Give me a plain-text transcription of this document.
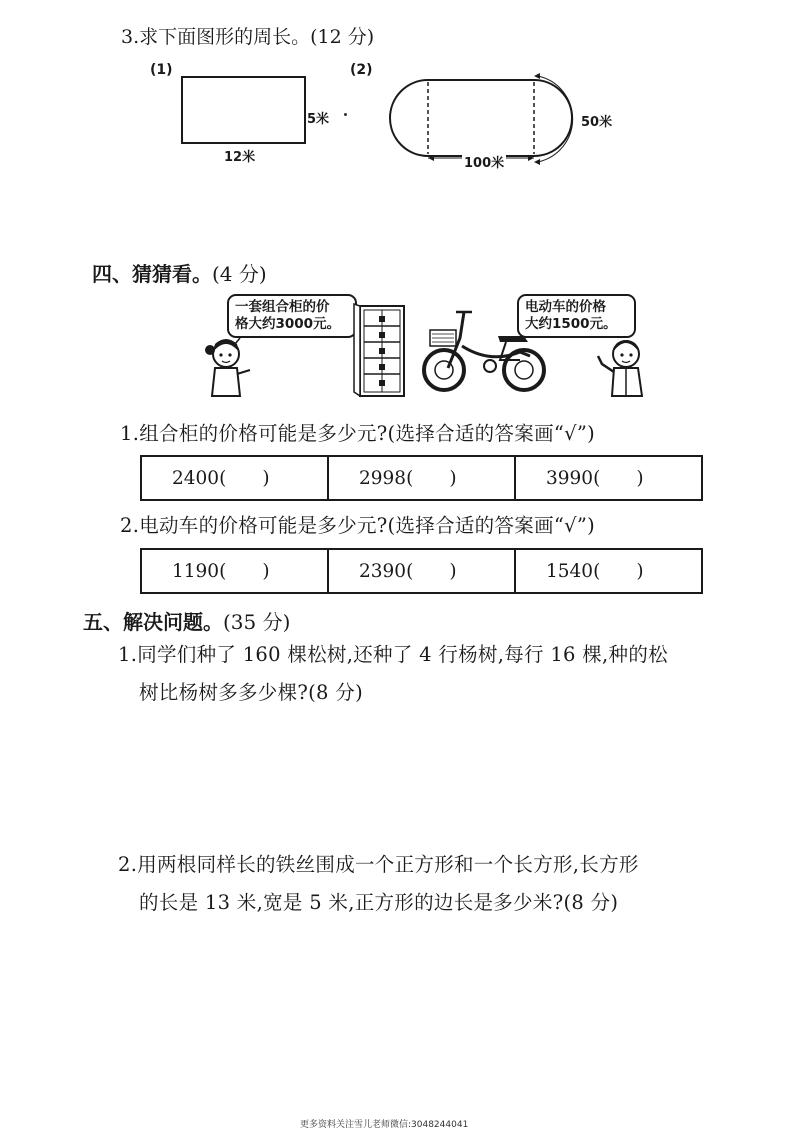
3.求下面图形的周长。(12 分)
(1)
5米
12米
(2)
50米
100米
四、猜猜看。(4 分)
一套组合柜的价
格大约3000元。
电动车的价格
大约1500元。
1.组合柜的价格可能是多少元?(选择合适的答案画“√”)
2400( )	2998( )	3990( )
2.电动车的价格可能是多少元?(选择合适的答案画“√”)
1190( )	2390( )	1540( )
五、解决问题。(35 分)
1.同学们种了 160 棵松树,还种了 4 行杨树,每行 16 棵,种的松
树比杨树多多少棵?(8 分)
2.用两根同样长的铁丝围成一个正方形和一个长方形,长方形
的长是 13 米,宽是 5 米,正方形的边长是多少米?(8 分)
更多资料关注雪儿老师微信:3048244041
